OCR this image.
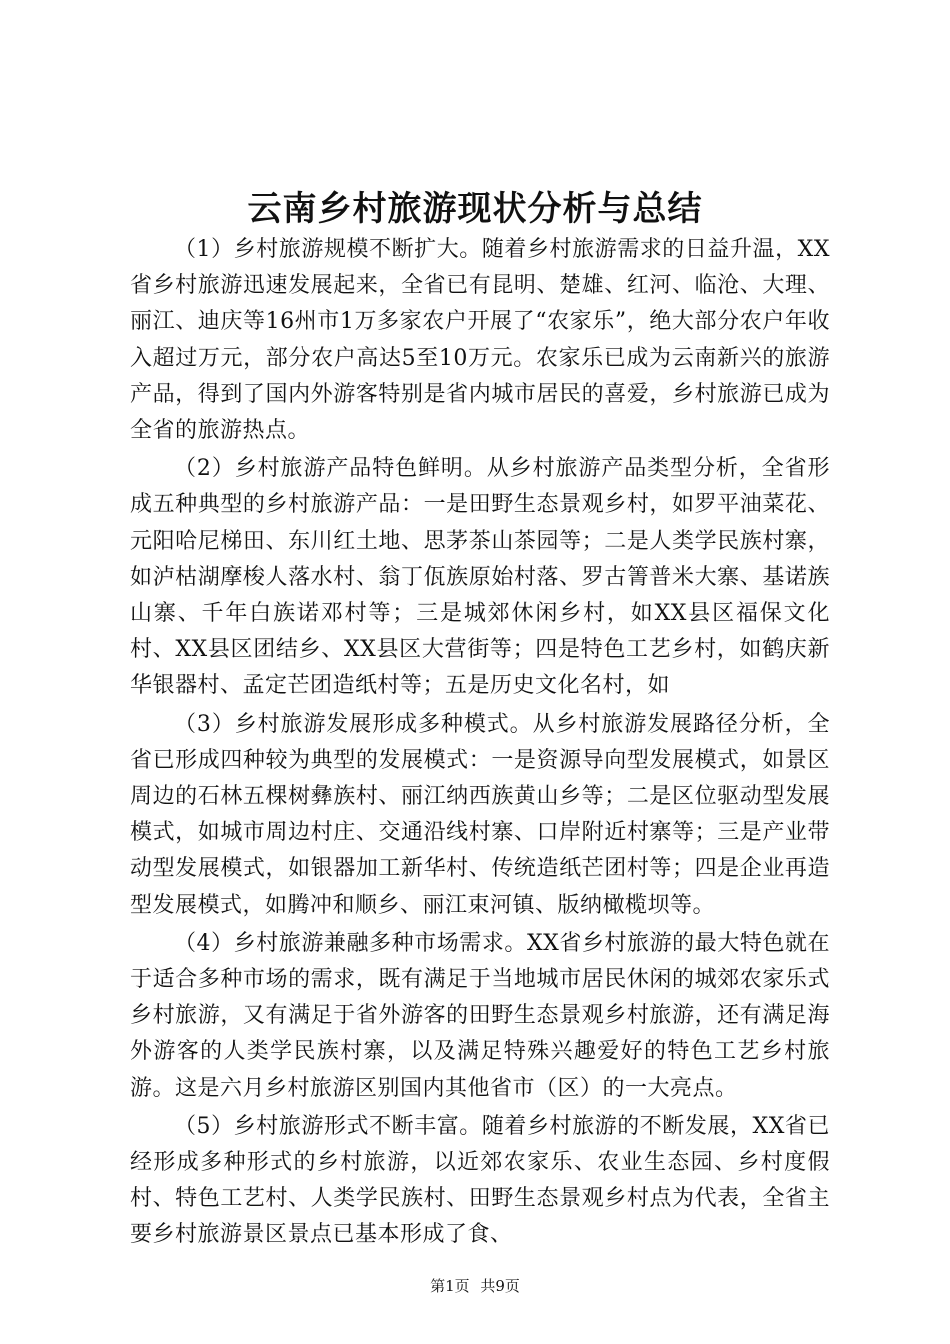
云南乡村旅游现状分析与总结

（1）乡村旅游规模不断扩大。随着乡村旅游需求的日益升温，XX省乡村旅游迅速发展起来，全省已有昆明、楚雄、红河、临沧、大理、丽江、迪庆等16州市1万多家农户开展了“农家乐”，绝大部分农户年收入超过万元，部分农户高达5至10万元。农家乐已成为云南新兴的旅游产品，得到了国内外游客特别是省内城市居民的喜爱，乡村旅游已成为全省的旅游热点。

（2）乡村旅游产品特色鲜明。从乡村旅游产品类型分析，全省形成五种典型的乡村旅游产品：一是田野生态景观乡村，如罗平油菜花、元阳哈尼梯田、东川红土地、思茅茶山茶园等；二是人类学民族村寨，如泸枯湖摩梭人落水村、翁丁佤族原始村落、罗古箐普米大寨、基诺族山寨、千年白族诺邓村等；三是城郊休闲乡村，如XX县区福保文化村、XX县区团结乡、XX县区大营街等；四是特色工艺乡村，如鹤庆新华银器村、孟定芒团造纸村等；五是历史文化名村，如

（3）乡村旅游发展形成多种模式。从乡村旅游发展路径分析，全省已形成四种较为典型的发展模式：一是资源导向型发展模式，如景区周边的石林五棵树彝族村、丽江纳西族黄山乡等；二是区位驱动型发展模式，如城市周边村庄、交通沿线村寨、口岸附近村寨等；三是产业带动型发展模式，如银器加工新华村、传统造纸芒团村等；四是企业再造型发展模式，如腾冲和顺乡、丽江束河镇、版纳橄榄坝等。

（4）乡村旅游兼融多种市场需求。XX省乡村旅游的最大特色就在于适合多种市场的需求，既有满足于当地城市居民休闲的城郊农家乐式乡村旅游，又有满足于省外游客的田野生态景观乡村旅游，还有满足海外游客的人类学民族村寨，以及满足特殊兴趣爱好的特色工艺乡村旅游。这是六月乡村旅游区别国内其他省市（区）的一大亮点。

（5）乡村旅游形式不断丰富。随着乡村旅游的不断发展，XX省已经形成多种形式的乡村旅游，以近郊农家乐、农业生态园、乡村度假村、特色工艺村、人类学民族村、田野生态景观乡村点为代表，全省主要乡村旅游景区景点已基本形成了食、

第1页 共9页
